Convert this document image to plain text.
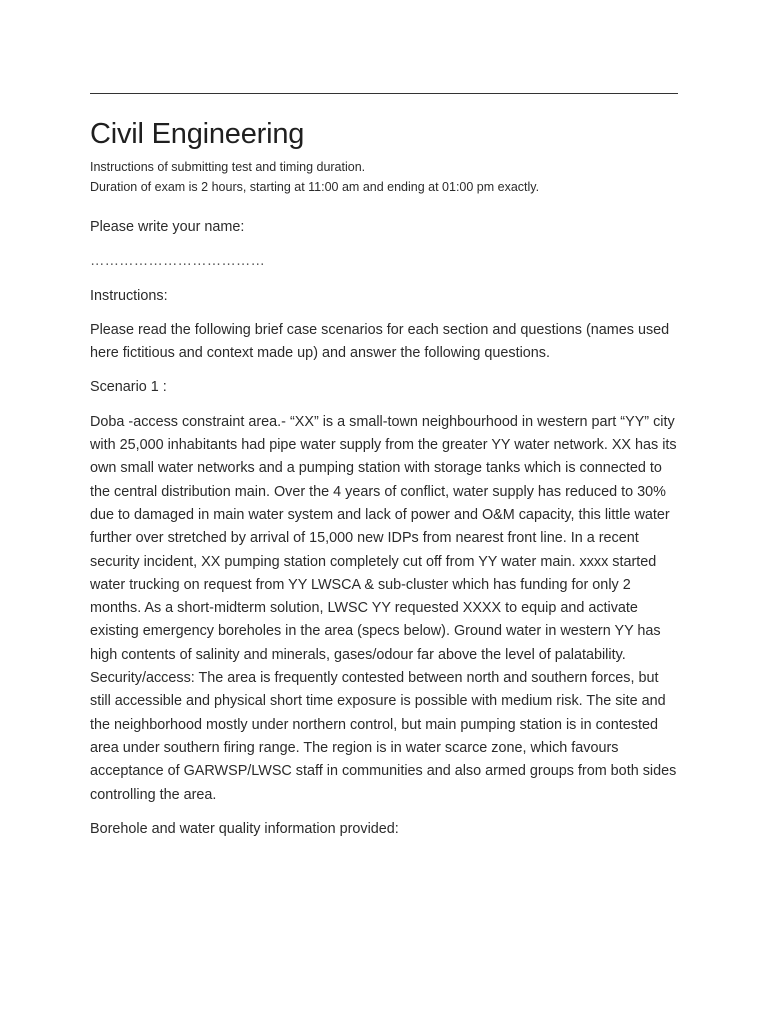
Civil Engineering
Instructions of submitting test and timing duration.
Duration of exam is 2 hours, starting at 11:00 am and ending at 01:00 pm exactly.

Please write your name:

………………………………

Instructions:

Please read the following brief case scenarios for each section and questions (names used here fictitious and context made up) and answer the following questions.

Scenario 1 :

Doba -access constraint area.- “XX” is a small-town neighbourhood in western part “YY” city with 25,000 inhabitants had pipe water supply from the greater YY water network. XX has its own small water networks and a pumping station with storage tanks which is connected to the central distribution main. Over the 4 years of conflict, water supply has reduced to 30% due to damaged in main water system and lack of power and O&M capacity, this little water further over stretched by arrival of 15,000 new IDPs from nearest front line. In a recent security incident, XX pumping station completely cut off from YY water main. xxxx started water trucking on request from YY LWSCA & sub-cluster which has funding for only 2 months. As a short-midterm solution, LWSC YY requested XXXX to equip and activate existing emergency boreholes in the area (specs below). Ground water in western YY has high contents of salinity and minerals, gases/odour far above the level of palatability. Security/access: The area is frequently contested between north and southern forces, but still accessible and physical short time exposure is possible with medium risk. The site and the neighborhood mostly under northern control, but main pumping station is in contested area under southern firing range. The region is in water scarce zone, which favours acceptance of GARWSP/LWSC staff in communities and also armed groups from both sides controlling the area.

Borehole and water quality information provided:
